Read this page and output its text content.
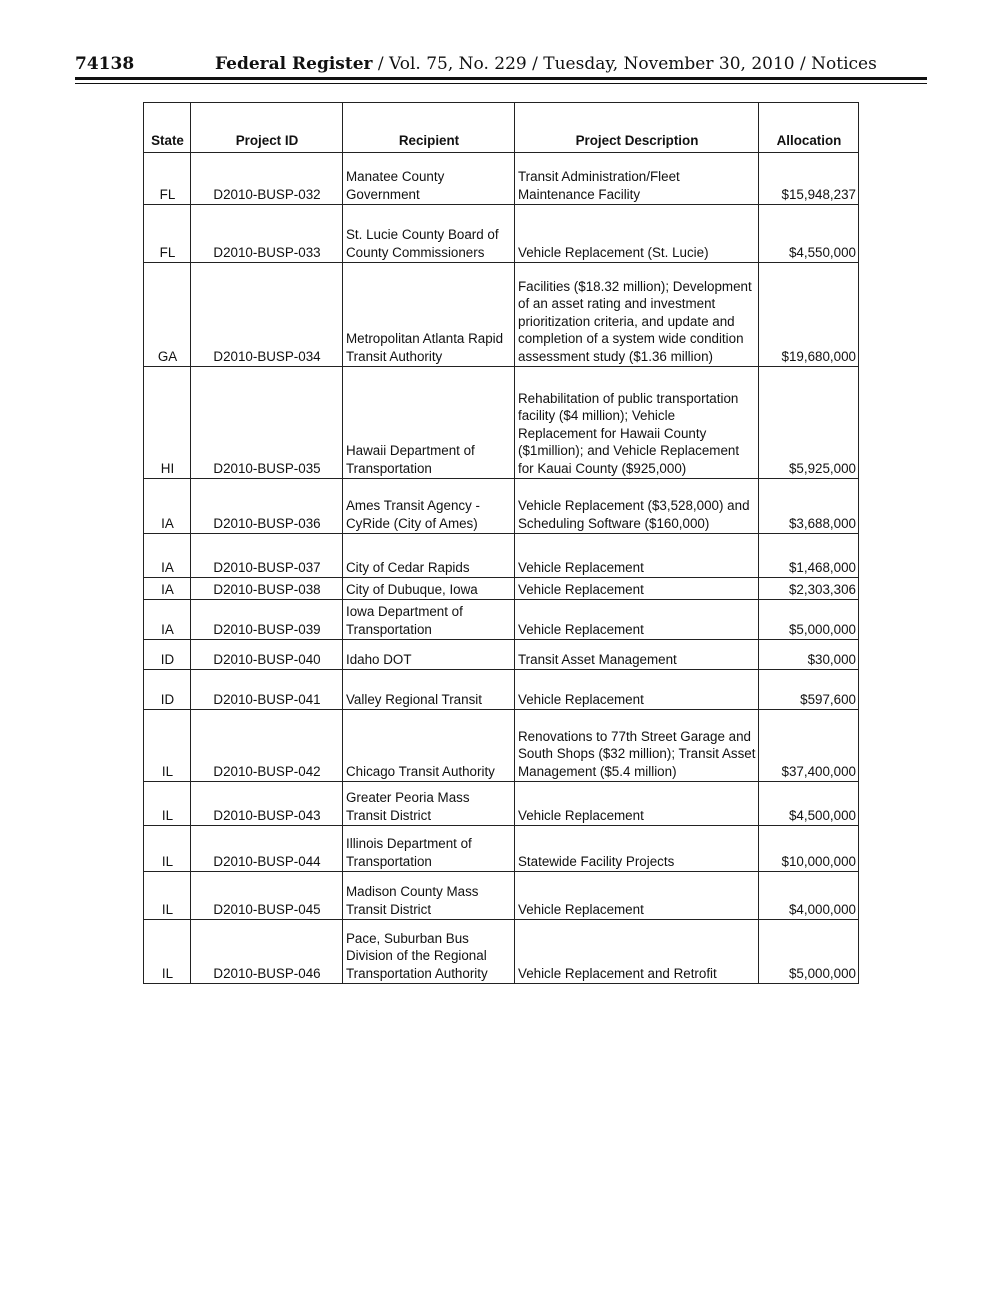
74138	Federal Register / Vol. 75, No. 229 / Tuesday, November 30, 2010 / Notices
State	Project ID	Recipient	Project Description	Allocation
FL	D2010-BUSP-032	Manatee County Government	Transit Administration/Fleet Maintenance Facility	$15,948,237
FL	D2010-BUSP-033	St. Lucie County Board of County Commissioners	Vehicle Replacement (St. Lucie)	$4,550,000
GA	D2010-BUSP-034	Metropolitan Atlanta Rapid Transit Authority	Facilities ($18.32 million); Development of an asset rating and investment prioritization criteria, and update and completion of a system wide condition assessment study ($1.36 million)	$19,680,000
HI	D2010-BUSP-035	Hawaii Department of Transportation	Rehabilitation of public transportation facility ($4 million); Vehicle Replacement for Hawaii County ($1million); and Vehicle Replacement for Kauai County ($925,000)	$5,925,000
IA	D2010-BUSP-036	Ames Transit Agency - CyRide (City of Ames)	Vehicle Replacement ($3,528,000) and Scheduling Software ($160,000)	$3,688,000
IA	D2010-BUSP-037	City of Cedar Rapids	Vehicle Replacement	$1,468,000
IA	D2010-BUSP-038	City of Dubuque, Iowa	Vehicle Replacement	$2,303,306
IA	D2010-BUSP-039	Iowa Department of Transportation	Vehicle Replacement	$5,000,000
ID	D2010-BUSP-040	Idaho DOT	Transit Asset Management	$30,000
ID	D2010-BUSP-041	Valley Regional Transit	Vehicle Replacement	$597,600
IL	D2010-BUSP-042	Chicago Transit Authority	Renovations to 77th Street Garage and South Shops ($32 million); Transit Asset Management ($5.4 million)	$37,400,000
IL	D2010-BUSP-043	Greater Peoria Mass Transit District	Vehicle Replacement	$4,500,000
IL	D2010-BUSP-044	Illinois Department of Transportation	Statewide Facility Projects	$10,000,000
IL	D2010-BUSP-045	Madison County Mass Transit District	Vehicle Replacement	$4,000,000
IL	D2010-BUSP-046	Pace, Suburban Bus Division of the Regional Transportation Authority	Vehicle Replacement and Retrofit	$5,000,000
